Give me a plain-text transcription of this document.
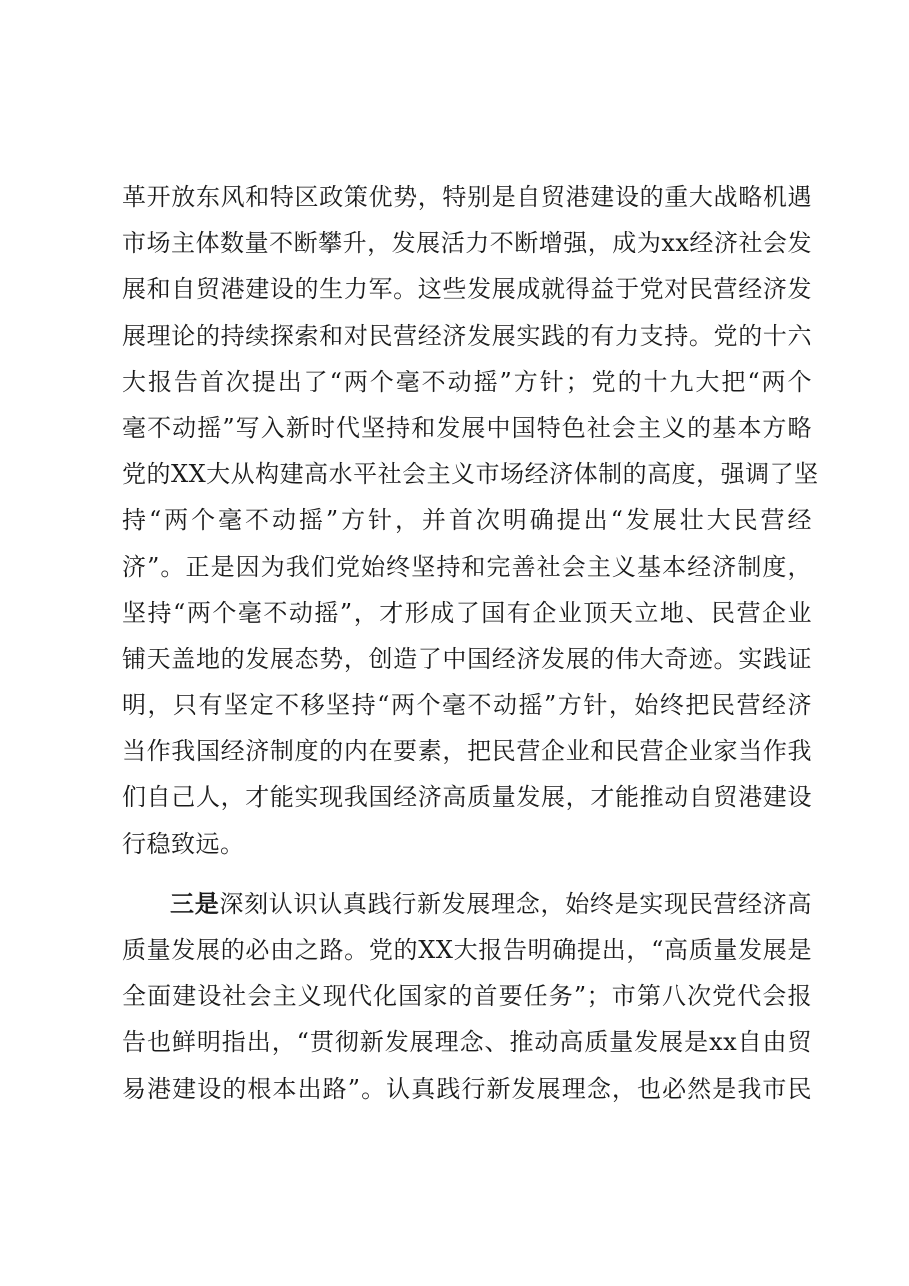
革开放东风和特区政策优势，特别是自贸港建设的重大战略机遇
市场主体数量不断攀升，发展活力不断增强，成为xx经济社会发
展和自贸港建设的生力军。这些发展成就得益于党对民营经济发
展理论的持续探索和对民营经济发展实践的有力支持。党的十六
大报告首次提出了“两个毫不动摇”方针；党的十九大把“两个
毫不动摇”写入新时代坚持和发展中国特色社会主义的基本方略
党的XX大从构建高水平社会主义市场经济体制的高度，强调了坚
持“两个毫不动摇”方针，并首次明确提出“发展壮大民营经
济”。正是因为我们党始终坚持和完善社会主义基本经济制度，
坚持“两个毫不动摇”，才形成了国有企业顶天立地、民营企业
铺天盖地的发展态势，创造了中国经济发展的伟大奇迹。实践证
明，只有坚定不移坚持“两个毫不动摇”方针，始终把民营经济
当作我国经济制度的内在要素，把民营企业和民营企业家当作我
们自己人，才能实现我国经济高质量发展，才能推动自贸港建设
行稳致远。
三是深刻认识认真践行新发展理念，始终是实现民营经济高
质量发展的必由之路。党的XX大报告明确提出，“高质量发展是
全面建设社会主义现代化国家的首要任务”；市第八次党代会报
告也鲜明指出，“贯彻新发展理念、推动高质量发展是xx自由贸
易港建设的根本出路”。认真践行新发展理念，也必然是我市民
